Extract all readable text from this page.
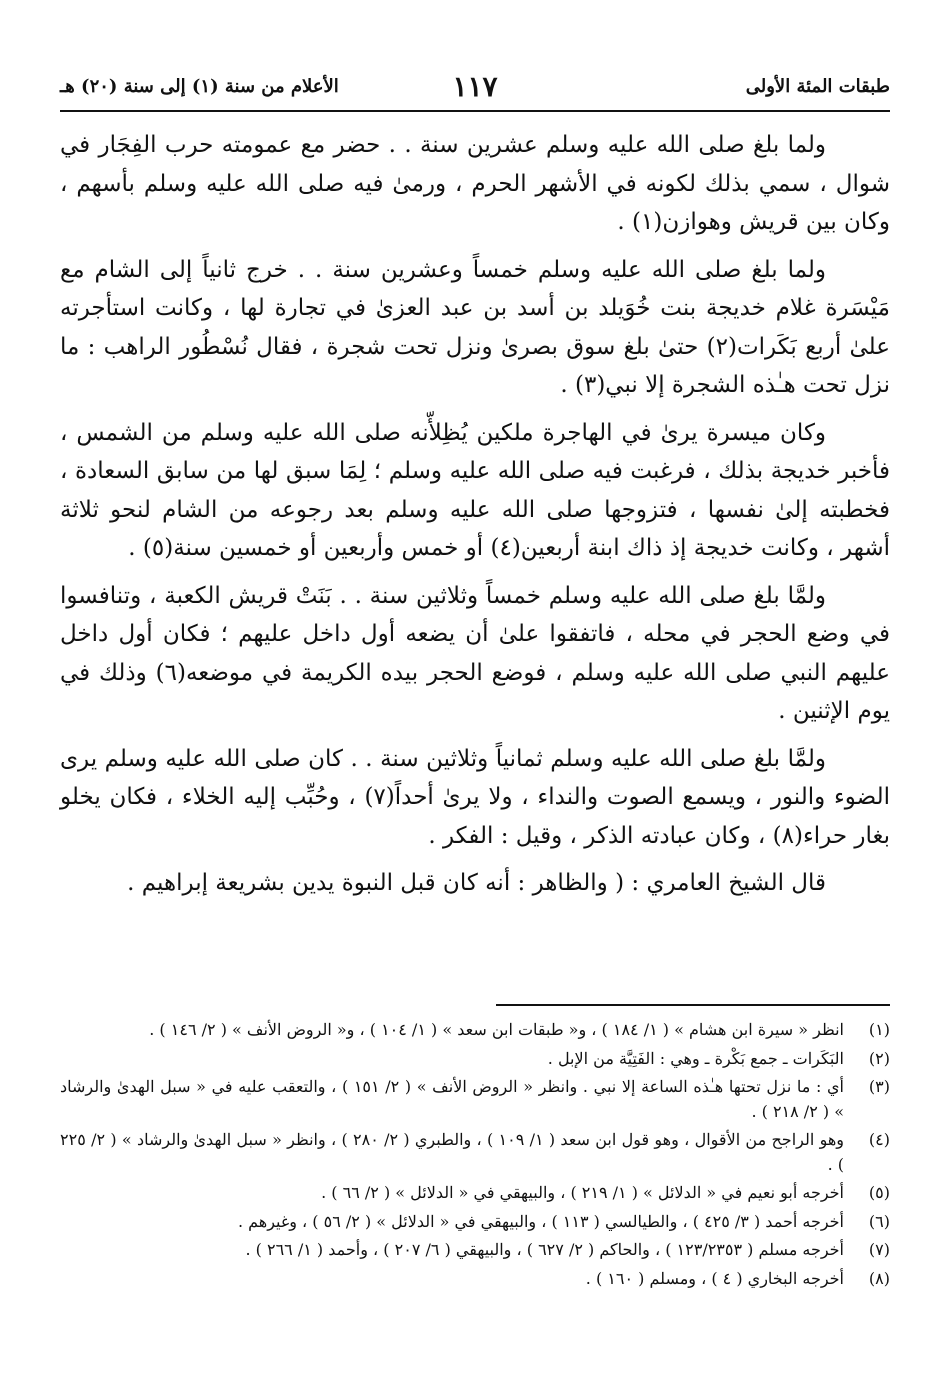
طبقات المئة الأولى
١١٧
الأعلام من سنة (١) إلى سنة (٢٠) هـ

ولما بلغ صلى الله عليه وسلم عشرين سنة . . حضر مع عمومته حرب الفِجَار في شوال ، سمي بذلك لكونه في الأشهر الحرم ، ورمىٰ فيه صلى الله عليه وسلم بأسهم ، وكان بين قريش وهوازن(١) .

ولما بلغ صلى الله عليه وسلم خمساً وعشرين سنة . . خرج ثانياً إلى الشام مع مَيْسَرة غلام خديجة بنت خُوَيلد بن أسد بن عبد العزىٰ في تجارة لها ، وكانت استأجرته علىٰ أربع بَكَرات(٢) حتىٰ بلغ سوق بصرىٰ ونزل تحت شجرة ، فقال نُسْطُور الراهب : ما نزل تحت هـٰذه الشجرة إلا نبي(٣) .

وكان ميسرة يرىٰ في الهاجرة ملكين يُظِلأّنه صلى الله عليه وسلم من الشمس ، فأخبر خديجة بذلك ، فرغبت فيه صلى الله عليه وسلم ؛ لِمَا سبق لها من سابق السعادة ، فخطبته إلىٰ نفسها ، فتزوجها صلى الله عليه وسلم بعد رجوعه من الشام لنحو ثلاثة أشهر ، وكانت خديجة إذ ذاك ابنة أربعين(٤) أو خمس وأربعين أو خمسين سنة(٥) .

ولمَّا بلغ صلى الله عليه وسلم خمساً وثلاثين سنة . . بَنَتْ قريش الكعبة ، وتنافسوا في وضع الحجر في محله ، فاتفقوا علىٰ أن يضعه أول داخل عليهم ؛ فكان أول داخل عليهم النبي صلى الله عليه وسلم ، فوضع الحجر بيده الكريمة في موضعه(٦) وذلك في يوم الإثنين .

ولمَّا بلغ صلى الله عليه وسلم ثمانياً وثلاثين سنة . . كان صلى الله عليه وسلم يرى الضوء والنور ، ويسمع الصوت والنداء ، ولا يرىٰ أحداً(٧) ، وحُبِّب إليه الخلاء ، فكان يخلو بغار حراء(٨) ، وكان عبادته الذكر ، وقيل : الفكر .

قال الشيخ العامري : ( والظاهر : أنه كان قبل النبوة يدين بشريعة إبراهيم .

(١)
انظر « سيرة ابن هشام » ( ١/ ١٨٤ ) ، و« طبقات ابن سعد » ( ١/ ١٠٤ ) ، و« الروض الأنف » ( ٢/ ١٤٦ ) .
(٢)
البَكَرات ـ جمع بَكْرة ـ وهي : الفَتِيَّة من الإبل .
(٣)
أي : ما نزل تحتها هـٰذه الساعة إلا نبي . وانظر « الروض الأنف » ( ٢/ ١٥١ ) ، والتعقب عليه في « سبل الهدىٰ والرشاد » ( ٢/ ٢١٨ ) .
(٤)
وهو الراجح من الأقوال ، وهو قول ابن سعد ( ١/ ١٠٩ ) ، والطبري ( ٢/ ٢٨٠ ) ، وانظر « سبل الهدىٰ والرشاد » ( ٢/ ٢٢٥ ) .
(٥)
أخرجه أبو نعيم في « الدلائل » ( ١/ ٢١٩ ) ، والبيهقي في « الدلائل » ( ٢/ ٦٦ ) .
(٦)
أخرجه أحمد ( ٣/ ٤٢٥ ) ، والطيالسي ( ١١٣ ) ، والبيهقي في « الدلائل » ( ٢/ ٥٦ ) ، وغيرهم .
(٧)
أخرجه مسلم ( ١٢٣/٢٣٥٣ ) ، والحاكم ( ٢/ ٦٢٧ ) ، والبيهقي ( ٦/ ٢٠٧ ) ، وأحمد ( ١/ ٢٦٦ ) .
(٨)
أخرجه البخاري ( ٤ ) ، ومسلم ( ١٦٠ ) .
